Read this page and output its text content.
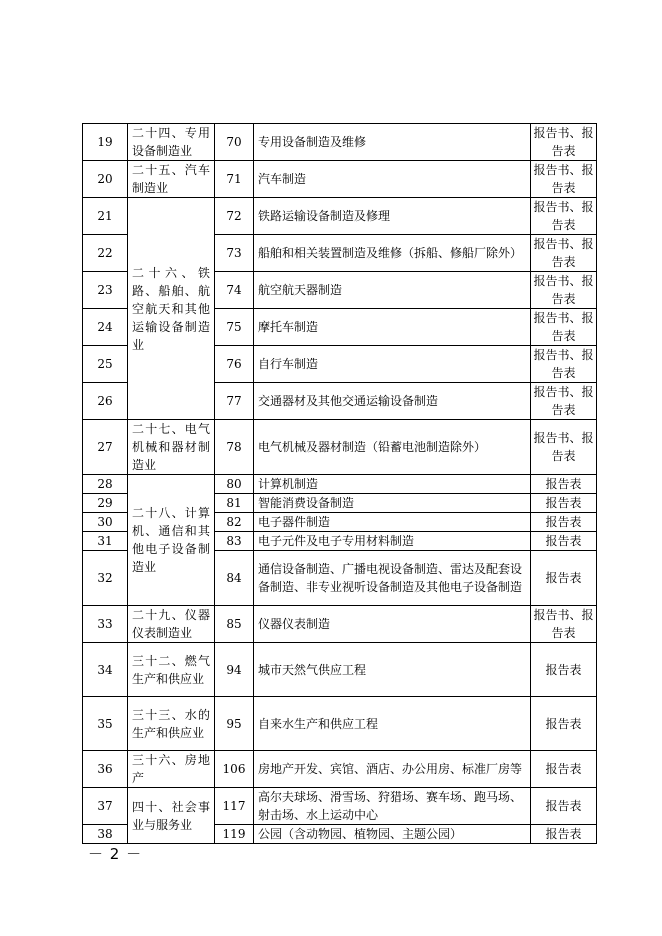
19	二十四、专用设备制造业	70	专用设备制造及维修	报告书、报告表
20	二十五、汽车制造业	71	汽车制造	报告书、报告表
21	二十六、铁路、船舶、航空航天和其他运输设备制造业	72	铁路运输设备制造及修理	报告书、报告表
22		73	船舶和相关装置制造及维修（拆船、修船厂除外）	报告书、报告表
23		74	航空航天器制造	报告书、报告表
24		75	摩托车制造	报告书、报告表
25		76	自行车制造	报告书、报告表
26		77	交通器材及其他交通运输设备制造	报告书、报告表
27	二十七、电气机械和器材制造业	78	电气机械及器材制造（铅蓄电池制造除外）	报告书、报告表
28	二十八、计算机、通信和其他电子设备制造业	80	计算机制造	报告表
29		81	智能消费设备制造	报告表
30		82	电子器件制造	报告表
31		83	电子元件及电子专用材料制造	报告表
32		84	通信设备制造、广播电视设备制造、雷达及配套设备制造、非专业视听设备制造及其他电子设备制造	报告表
33	二十九、仪器仪表制造业	85	仪器仪表制造	报告书、报告表
34	三十二、燃气生产和供应业	94	城市天然气供应工程	报告表
35	三十三、水的生产和供应业	95	自来水生产和供应工程	报告表
36	三十六、房地产	106	房地产开发、宾馆、酒店、办公用房、标准厂房等	报告表
37	四十、社会事业与服务业	117	高尔夫球场、滑雪场、狩猎场、赛车场、跑马场、射击场、水上运动中心	报告表
38		119	公园（含动物园、植物园、主题公园）	报告表
－ 2 －
